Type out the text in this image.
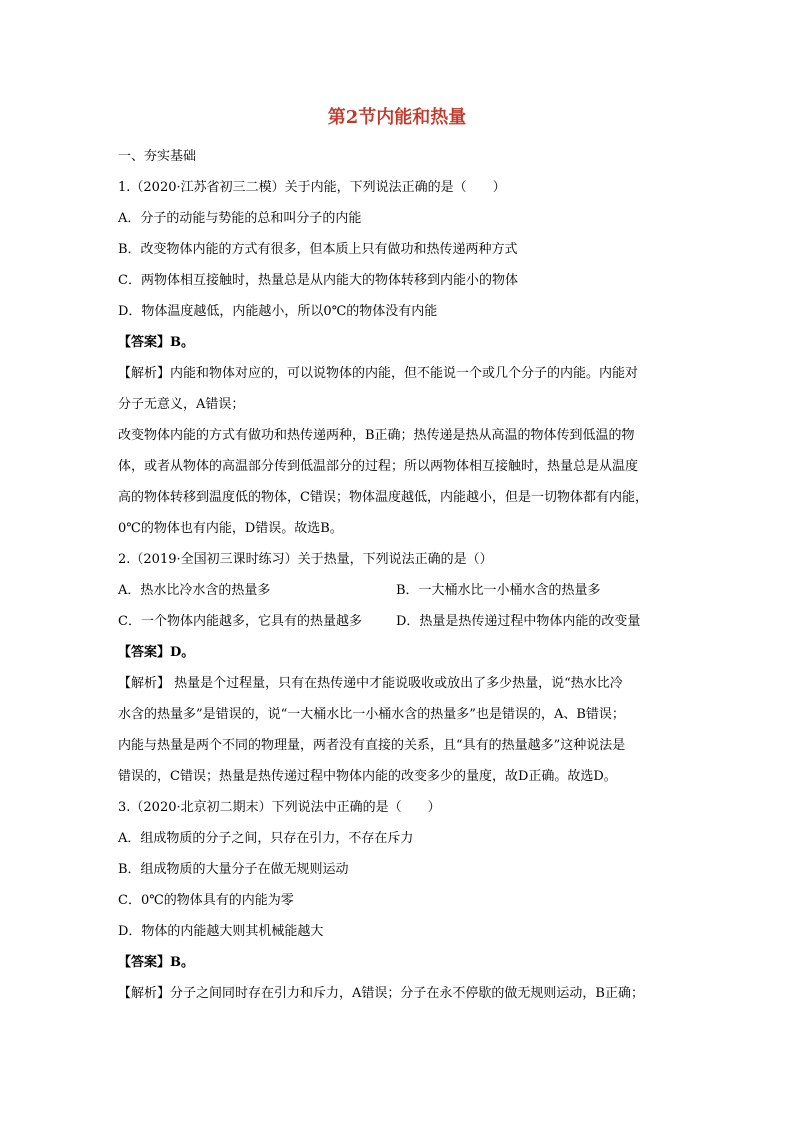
第2节内能和热量
一、夯实基础
1.（2020·江苏省初三二模）关于内能，下列说法正确的是（　　）
A．分子的动能与势能的总和叫分子的内能
B．改变物体内能的方式有很多，但本质上只有做功和热传递两种方式
C．两物体相互接触时，热量总是从内能大的物体转移到内能小的物体
D．物体温度越低，内能越小，所以0℃的物体没有内能
【答案】B。
【解析】内能和物体对应的，可以说物体的内能，但不能说一个或几个分子的内能。内能对
分子无意义，A错误；
改变物体内能的方式有做功和热传递两种，B正确；热传递是热从高温的物体传到低温的物
体，或者从物体的高温部分传到低温部分的过程；所以两物体相互接触时，热量总是从温度
高的物体转移到温度低的物体，C错误；物体温度越低，内能越小，但是一切物体都有内能，
0℃的物体也有内能，D错误。故选B。
2.（2019·全国初三课时练习）关于热量，下列说法正确的是（）
A．热水比冷水含的热量多	B．一大桶水比一小桶水含的热量多
C．一个物体内能越多，它具有的热量越多	D．热量是热传递过程中物体内能的改变量
【答案】D。
【解析】 热量是个过程量，只有在热传递中才能说吸收或放出了多少热量，说“热水比冷
水含的热量多”是错误的，说“一大桶水比一小桶水含的热量多”也是错误的，A、B错误；
内能与热量是两个不同的物理量，两者没有直接的关系，且“具有的热量越多”这种说法是
错误的，C错误；热量是热传递过程中物体内能的改变多少的量度，故D正确。故选D。
3.（2020·北京初二期末）下列说法中正确的是（　　）
A．组成物质的分子之间，只存在引力，不存在斥力
B．组成物质的大量分子在做无规则运动
C．0℃的物体具有的内能为零
D．物体的内能越大则其机械能越大
【答案】B。
【解析】分子之间同时存在引力和斥力，A错误；分子在永不停歇的做无规则运动，B正确；
